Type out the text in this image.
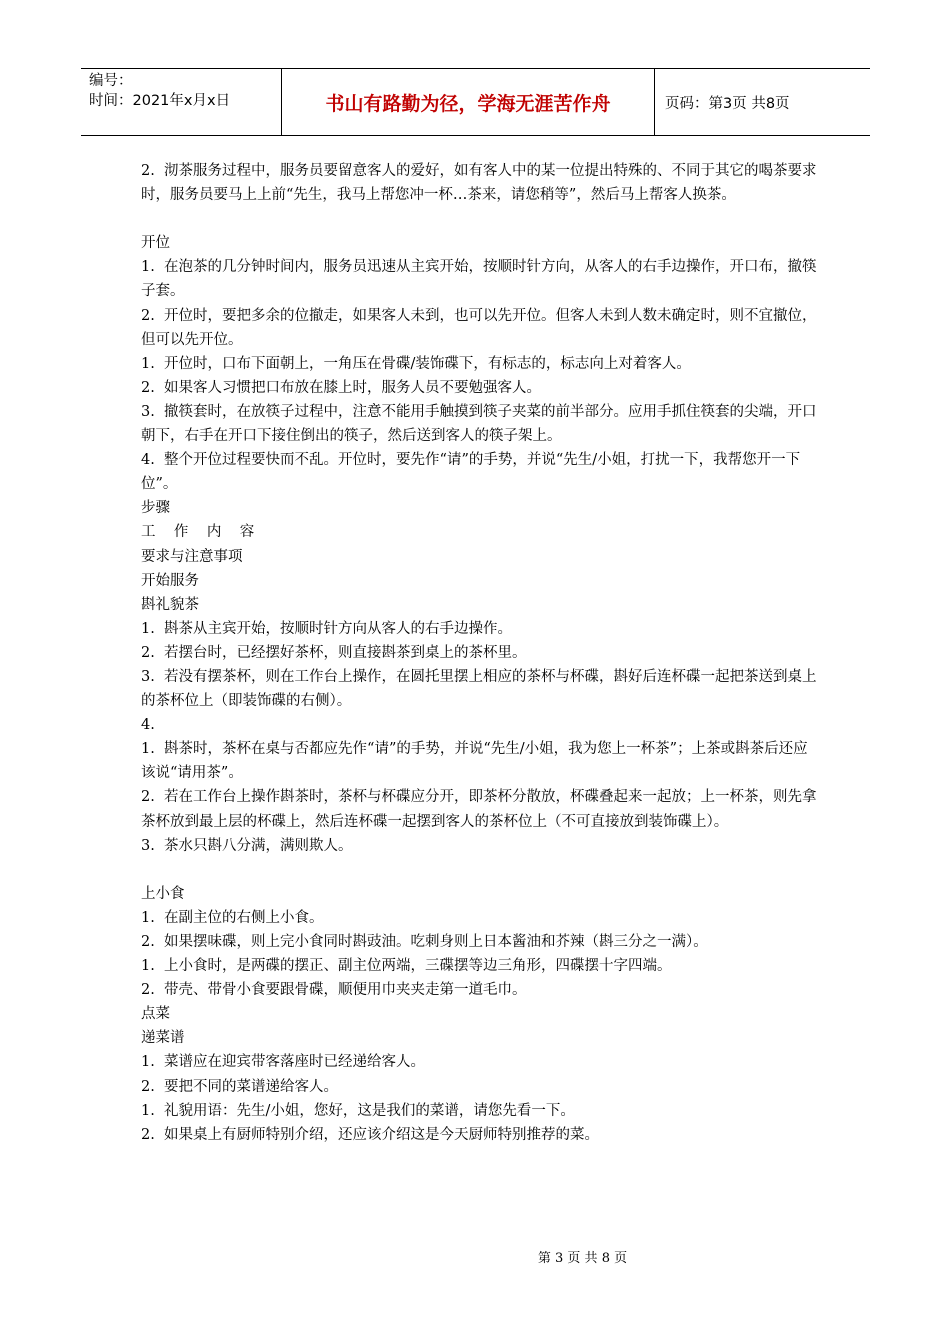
编号：
时间：2021年x月x日	书山有路勤为径，学海无涯苦作舟	页码：第3页 共8页

2.  沏茶服务过程中，服务员要留意客人的爱好，如有客人中的某一位提出特殊的、不同于其它的喝茶要求时，服务员要马上上前“先生，我马上帮您冲一杯…茶来，请您稍等”，然后马上帮客人换茶。

开位

1.  在泡茶的几分钟时间内，服务员迅速从主宾开始，按顺时针方向，从客人的右手边操作，开口布，撤筷子套。

2.  开位时，要把多余的位撤走，如果客人未到，也可以先开位。但客人未到人数未确定时，则不宜撤位，但可以先开位。

1.  开位时，口布下面朝上，一角压在骨碟/装饰碟下，有标志的，标志向上对着客人。

2.  如果客人习惯把口布放在膝上时，服务人员不要勉强客人。

3.  撤筷套时，在放筷子过程中，注意不能用手触摸到筷子夹菜的前半部分。应用手抓住筷套的尖端，开口朝下，右手在开口下接住倒出的筷子，然后送到客人的筷子架上。

4.  整个开位过程要快而不乱。开位时，要先作“请”的手势，并说“先生/小姐，打扰一下，我帮您开一下位”。

步骤

工    作    内    容

要求与注意事项

开始服务

斟礼貌茶

1.  斟茶从主宾开始，按顺时针方向从客人的右手边操作。

2.  若摆台时，已经摆好茶杯，则直接斟茶到桌上的茶杯里。

3.  若没有摆茶杯，则在工作台上操作，在圆托里摆上相应的茶杯与杯碟，斟好后连杯碟一起把茶送到桌上的茶杯位上（即装饰碟的右侧）。

4.

1.  斟茶时，茶杯在桌与否都应先作“请”的手势，并说“先生/小姐，我为您上一杯茶”；上茶或斟茶后还应该说“请用茶”。

2.  若在工作台上操作斟茶时，茶杯与杯碟应分开，即茶杯分散放，杯碟叠起来一起放；上一杯茶，则先拿茶杯放到最上层的杯碟上，然后连杯碟一起摆到客人的茶杯位上（不可直接放到装饰碟上）。

3.  茶水只斟八分满，满则欺人。

上小食

1.  在副主位的右侧上小食。

2.  如果摆味碟，则上完小食同时斟豉油。吃刺身则上日本酱油和芥辣（斟三分之一满）。

1.  上小食时，是两碟的摆正、副主位两端，三碟摆等边三角形，四碟摆十字四端。

2.  带壳、带骨小食要跟骨碟，顺便用巾夹夹走第一道毛巾。

点菜

递菜谱

1.  菜谱应在迎宾带客落座时已经递给客人。

2.  要把不同的菜谱递给客人。

1.  礼貌用语：先生/小姐，您好，这是我们的菜谱，请您先看一下。

2.  如果桌上有厨师特别介绍，还应该介绍这是今天厨师特别推荐的菜。

第 3 页 共 8 页
